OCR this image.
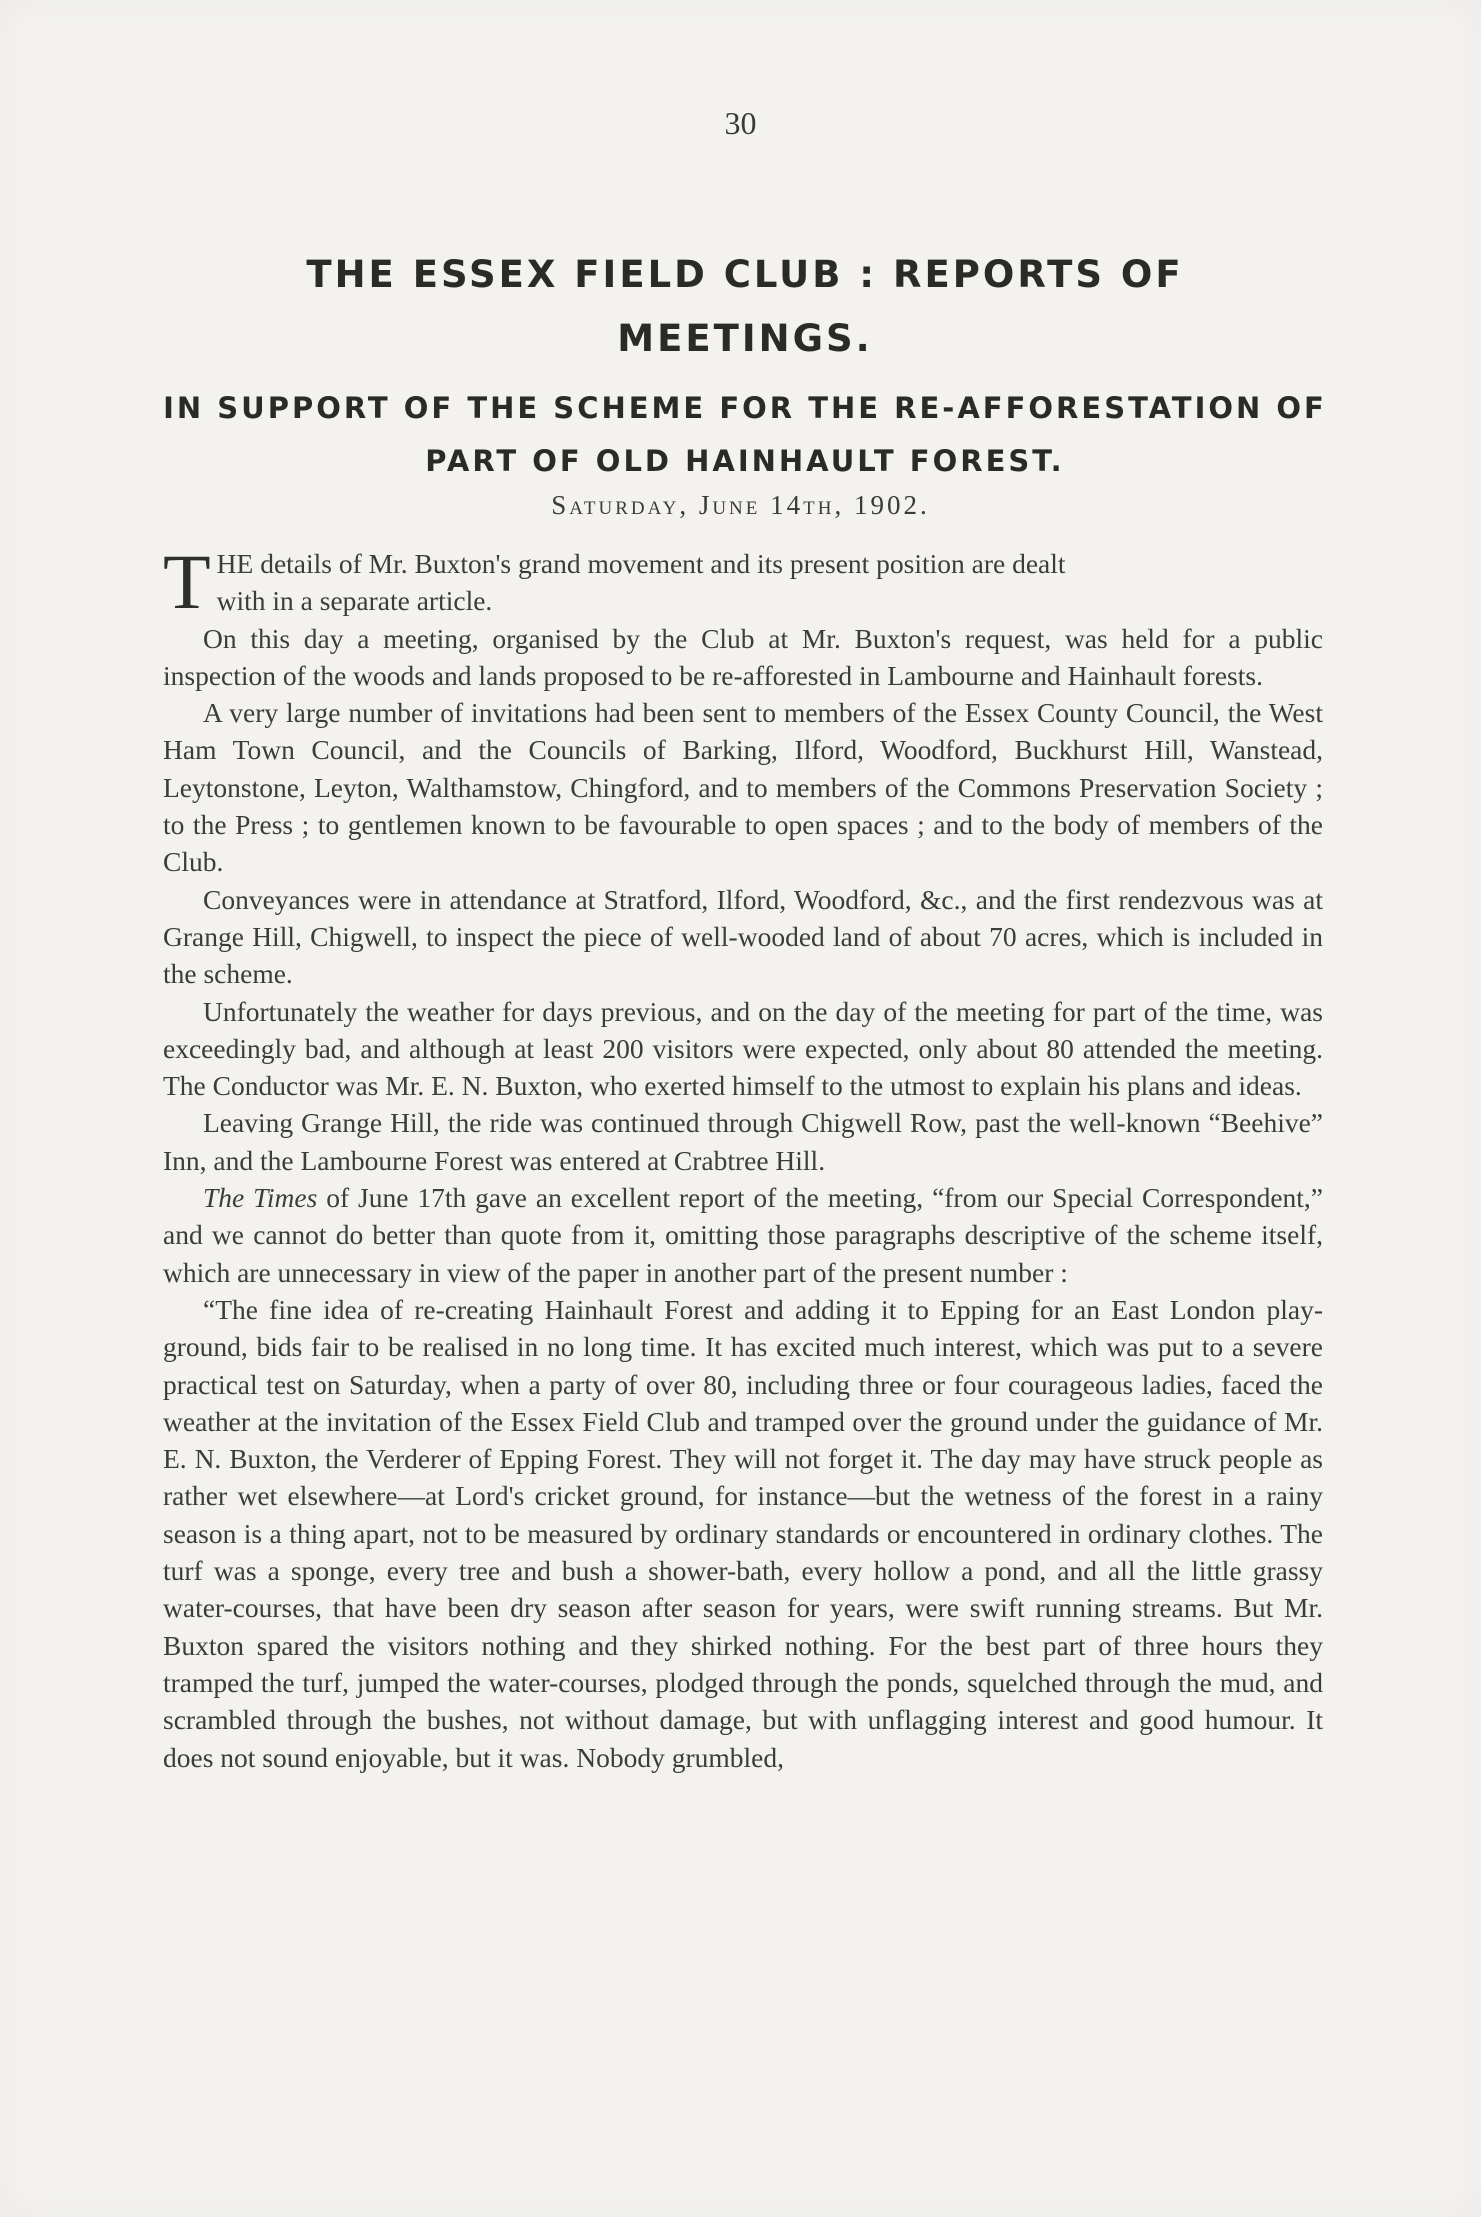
30
THE ESSEX FIELD CLUB : REPORTS OF MEETINGS.
IN SUPPORT OF THE SCHEME FOR THE RE-AFFORESTATION OF PART OF OLD HAINHAULT FOREST.
Saturday, June 14th, 1902.

THE details of Mr. Buxton's grand movement and its present position are dealt
with in a separate article.

On this day a meeting, organised by the Club at Mr. Buxton's request, was held for a public inspection of the woods and lands proposed to be re-afforested in Lambourne and Hainhault forests.

A very large number of invitations had been sent to members of the Essex County Council, the West Ham Town Council, and the Councils of Barking, Ilford, Woodford, Buckhurst Hill, Wanstead, Leytonstone, Leyton, Walthamstow, Chingford, and to members of the Commons Preservation Society ; to the Press ; to gentlemen known to be favourable to open spaces ; and to the body of members of the Club.

Conveyances were in attendance at Stratford, Ilford, Woodford, &c., and the first rendezvous was at Grange Hill, Chigwell, to inspect the piece of well-wooded land of about 70 acres, which is included in the scheme.

Unfortunately the weather for days previous, and on the day of the meeting for part of the time, was exceedingly bad, and although at least 200 visitors were expected, only about 80 attended the meeting. The Conductor was Mr. E. N. Buxton, who exerted himself to the utmost to explain his plans and ideas.

Leaving Grange Hill, the ride was continued through Chigwell Row, past the well-known “Beehive” Inn, and the Lambourne Forest was entered at Crabtree Hill.

The Times of June 17th gave an excellent report of the meeting, “from our Special Correspondent,” and we cannot do better than quote from it, omitting those paragraphs descriptive of the scheme itself, which are unnecessary in view of the paper in another part of the present number :

“The fine idea of re-creating Hainhault Forest and adding it to Epping for an East London play-ground, bids fair to be realised in no long time. It has excited much interest, which was put to a severe practical test on Saturday, when a party of over 80, including three or four courageous ladies, faced the weather at the invitation of the Essex Field Club and tramped over the ground under the guidance of Mr. E. N. Buxton, the Verderer of Epping Forest. They will not forget it. The day may have struck people as rather wet elsewhere—at Lord's cricket ground, for instance—but the wetness of the forest in a rainy season is a thing apart, not to be measured by ordinary standards or encountered in ordinary clothes. The turf was a sponge, every tree and bush a shower-bath, every hollow a pond, and all the little grassy water-courses, that have been dry season after season for years, were swift running streams. But Mr. Buxton spared the visitors nothing and they shirked nothing. For the best part of three hours they tramped the turf, jumped the water-courses, plodged through the ponds, squelched through the mud, and scrambled through the bushes, not without damage, but with unflagging interest and good humour. It does not sound enjoyable, but it was. Nobody grumbled,
